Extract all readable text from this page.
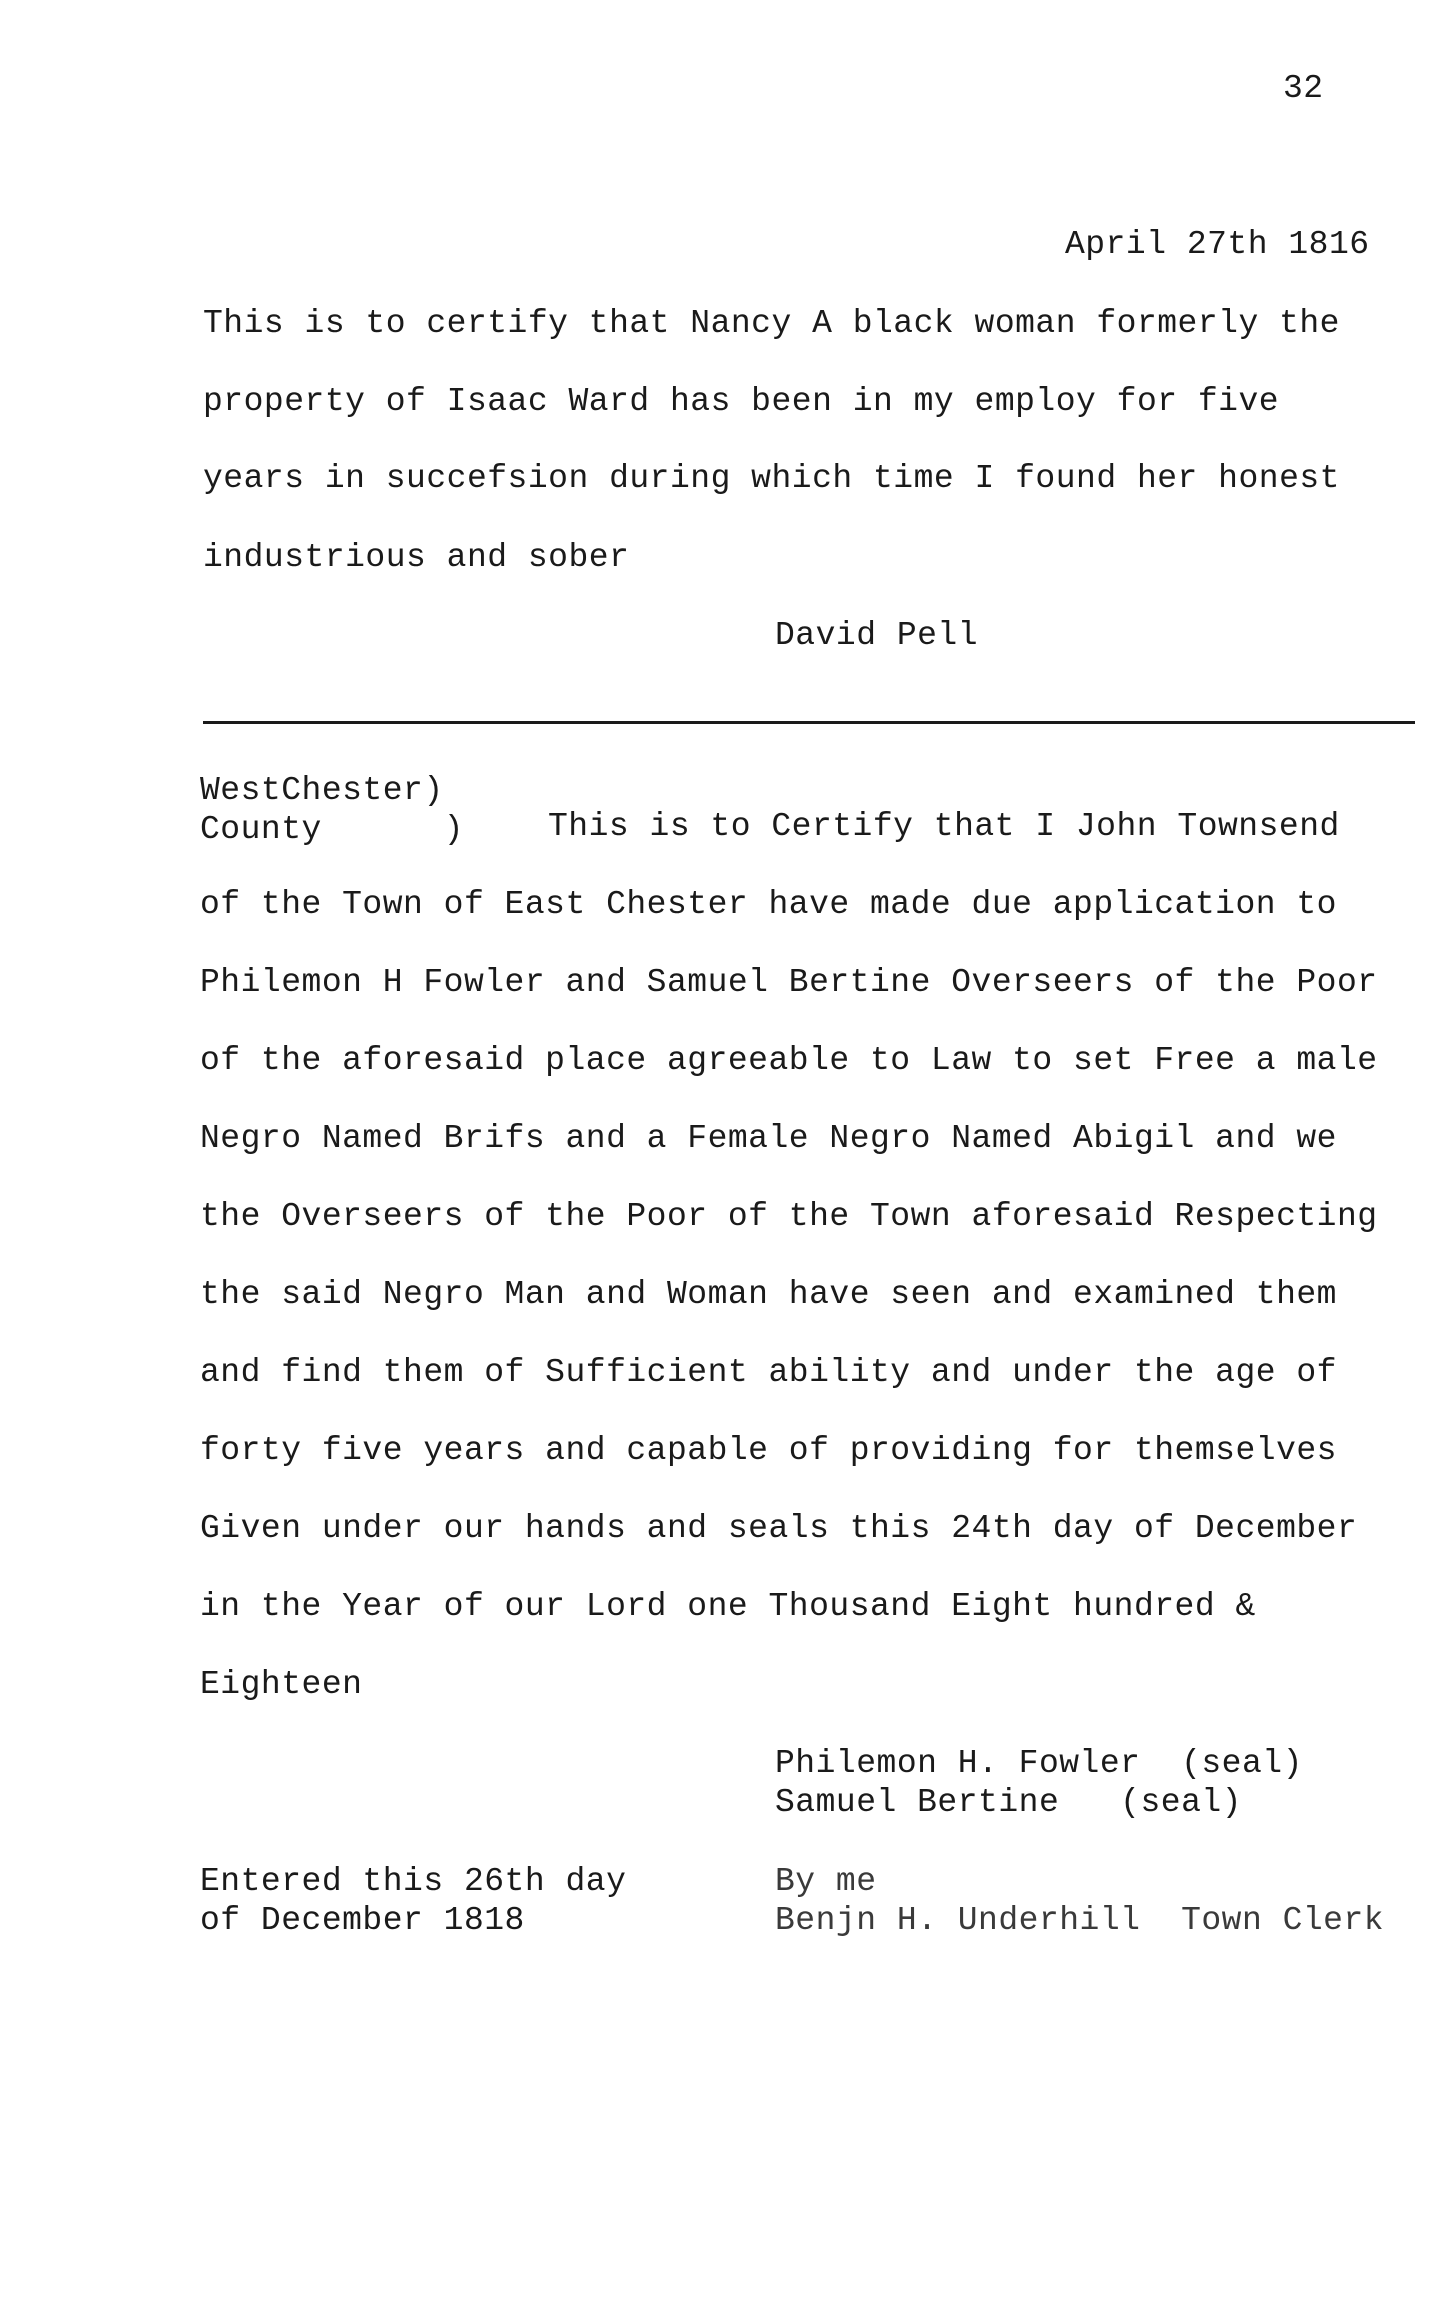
32
April 27th 1816
This is to certify that Nancy A black woman formerly the
property of Isaac Ward has been in my employ for five
years in succefsion during which time I found her honest
industrious and sober
David Pell
WestChester)
County      )	This is to Certify that I John Townsend
of the Town of East Chester have made due application to
Philemon H Fowler and Samuel Bertine Overseers of the Poor
of the aforesaid place agreeable to Law to set Free a male
Negro Named Brifs and a Female Negro Named Abigil and we
the Overseers of the Poor of the Town aforesaid Respecting
the said Negro Man and Woman have seen and examined them
and find them of Sufficient ability and under the age of
forty five years and capable of providing for themselves
Given under our hands and seals this 24th day of December
in the Year of our Lord one Thousand Eight hundred &
Eighteen
Philemon H. Fowler  (seal)
Samuel Bertine   (seal)
Entered this 26th day
of December 1818
By me
Benjn H. Underhill  Town Clerk
